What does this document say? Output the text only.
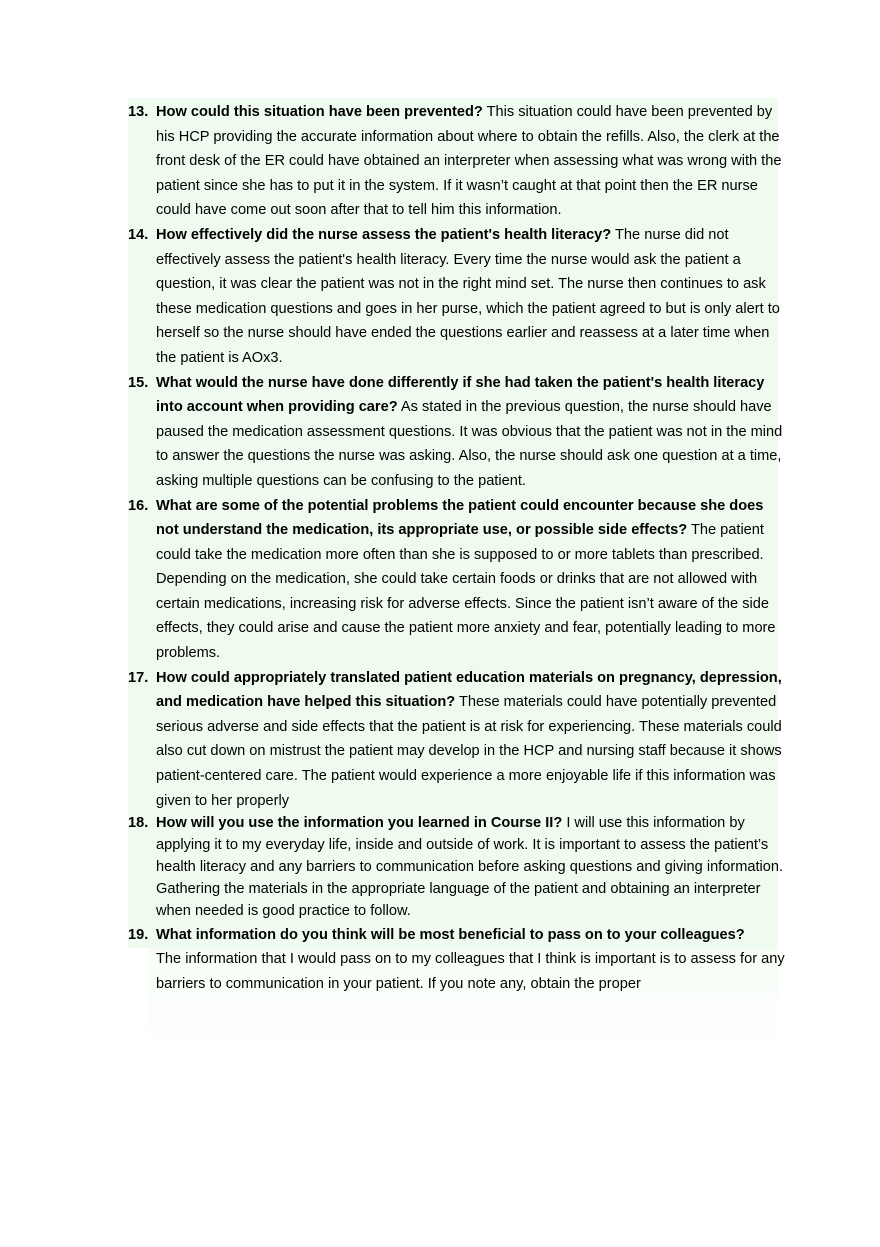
13. How could this situation have been prevented? This situation could have been prevented by his HCP providing the accurate information about where to obtain the refills. Also, the clerk at the front desk of the ER could have obtained an interpreter when assessing what was wrong with the patient since she has to put it in the system. If it wasn’t caught at that point then the ER nurse could have come out soon after that to tell him this information.
14. How effectively did the nurse assess the patient's health literacy? The nurse did not effectively assess the patient's health literacy. Every time the nurse would ask the patient a question, it was clear the patient was not in the right mind set. The nurse then continues to ask these medication questions and goes in her purse, which the patient agreed to but is only alert to herself so the nurse should have ended the questions earlier and reassess at a later time when the patient is AOx3.
15. What would the nurse have done differently if she had taken the patient's health literacy into account when providing care? As stated in the previous question, the nurse should have paused the medication assessment questions. It was obvious that the patient was not in the mind to answer the questions the nurse was asking. Also, the nurse should ask one question at a time, asking multiple questions can be confusing to the patient.
16. What are some of the potential problems the patient could encounter because she does not understand the medication, its appropriate use, or possible side effects? The patient could take the medication more often than she is supposed to or more tablets than prescribed. Depending on the medication, she could take certain foods or drinks that are not allowed with certain medications, increasing risk for adverse effects. Since the patient isn’t aware of the side effects, they could arise and cause the patient more anxiety and fear, potentially leading to more problems.
17. How could appropriately translated patient education materials on pregnancy, depression, and medication have helped this situation? These materials could have potentially prevented serious adverse and side effects that the patient is at risk for experiencing. These materials could also cut down on mistrust the patient may develop in the HCP and nursing staff because it shows patient-centered care. The patient would experience a more enjoyable life if this information was given to her properly
18. How will you use the information you learned in Course II? I will use this information by applying it to my everyday life, inside and outside of work. It is important to assess the patient’s health literacy and any barriers to communication before asking questions and giving information. Gathering the materials in the appropriate language of the patient and obtaining an interpreter when needed is good practice to follow.
19. What information do you think will be most beneficial to pass on to your colleagues?
The information that I would pass on to my colleagues that I think is important is to assess for any barriers to communication in your patient. If you note any, obtain the proper
